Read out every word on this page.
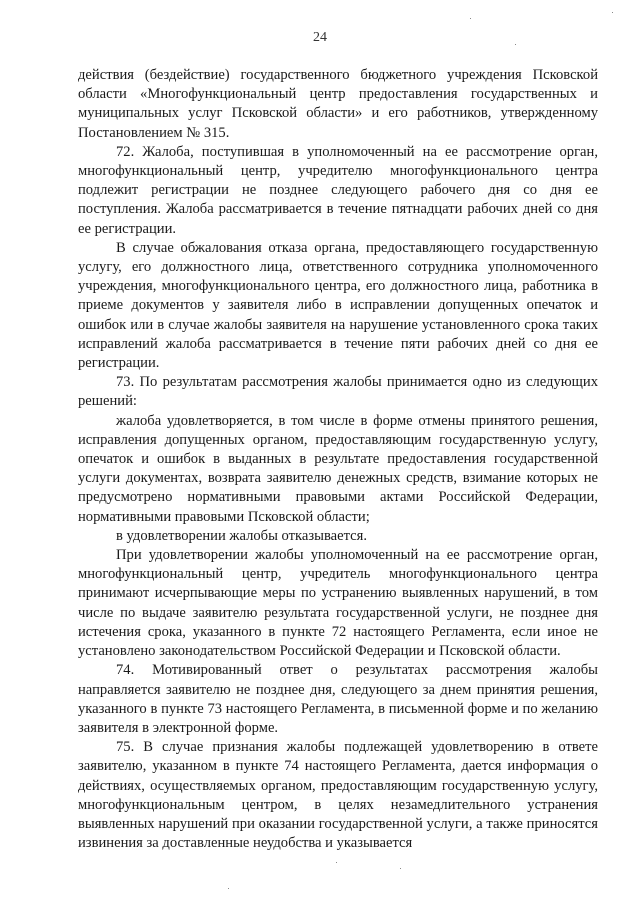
24

действия (бездействие) государственного бюджетного учреждения Псковской области «Многофункциональный центр предоставления государственных и муниципальных услуг Псковской области» и его работников, утвержденному Постановлением № 315.

72. Жалоба, поступившая в уполномоченный на ее рассмотрение орган, многофункциональный центр, учредителю многофункционального центра подлежит регистрации не позднее следующего рабочего дня со дня ее поступления. Жалоба рассматривается в течение пятнадцати рабочих дней со дня ее регистрации.

В случае обжалования отказа органа, предоставляющего государственную услугу, его должностного лица, ответственного сотрудника уполномоченного учреждения, многофункционального центра, его должностного лица, работника в приеме документов у заявителя либо в исправлении допущенных опечаток и ошибок или в случае жалобы заявителя на нарушение установленного срока таких исправлений жалоба рассматривается в течение пяти рабочих дней со дня ее регистрации.

73. По результатам рассмотрения жалобы принимается одно из следующих решений:

жалоба удовлетворяется, в том числе в форме отмены принятого решения, исправления допущенных органом, предоставляющим государственную услугу, опечаток и ошибок в выданных в результате предоставления государственной услуги документах, возврата заявителю денежных средств, взимание которых не предусмотрено нормативными правовыми актами Российской Федерации, нормативными правовыми Псковской области;

в удовлетворении жалобы отказывается.

При удовлетворении жалобы уполномоченный на ее рассмотрение орган, многофункциональный центр, учредитель многофункционального центра принимают исчерпывающие меры по устранению выявленных нарушений, в том числе по выдаче заявителю результата государственной услуги, не позднее дня истечения срока, указанного в пункте 72 настоящего Регламента, если иное не установлено законодательством Российской Федерации и Псковской области.

74. Мотивированный ответ о результатах рассмотрения жалобы направляется заявителю не позднее дня, следующего за днем принятия решения, указанного в пункте 73 настоящего Регламента, в письменной форме и по желанию заявителя в электронной форме.

75. В случае признания жалобы подлежащей удовлетворению в ответе заявителю, указанном в пункте 74 настоящего Регламента, дается информация о действиях, осуществляемых органом, предоставляющим государственную услугу, многофункциональным центром, в целях незамедлительного устранения выявленных нарушений при оказании государственной услуги, а также приносятся извинения за доставленные неудобства и указывается
